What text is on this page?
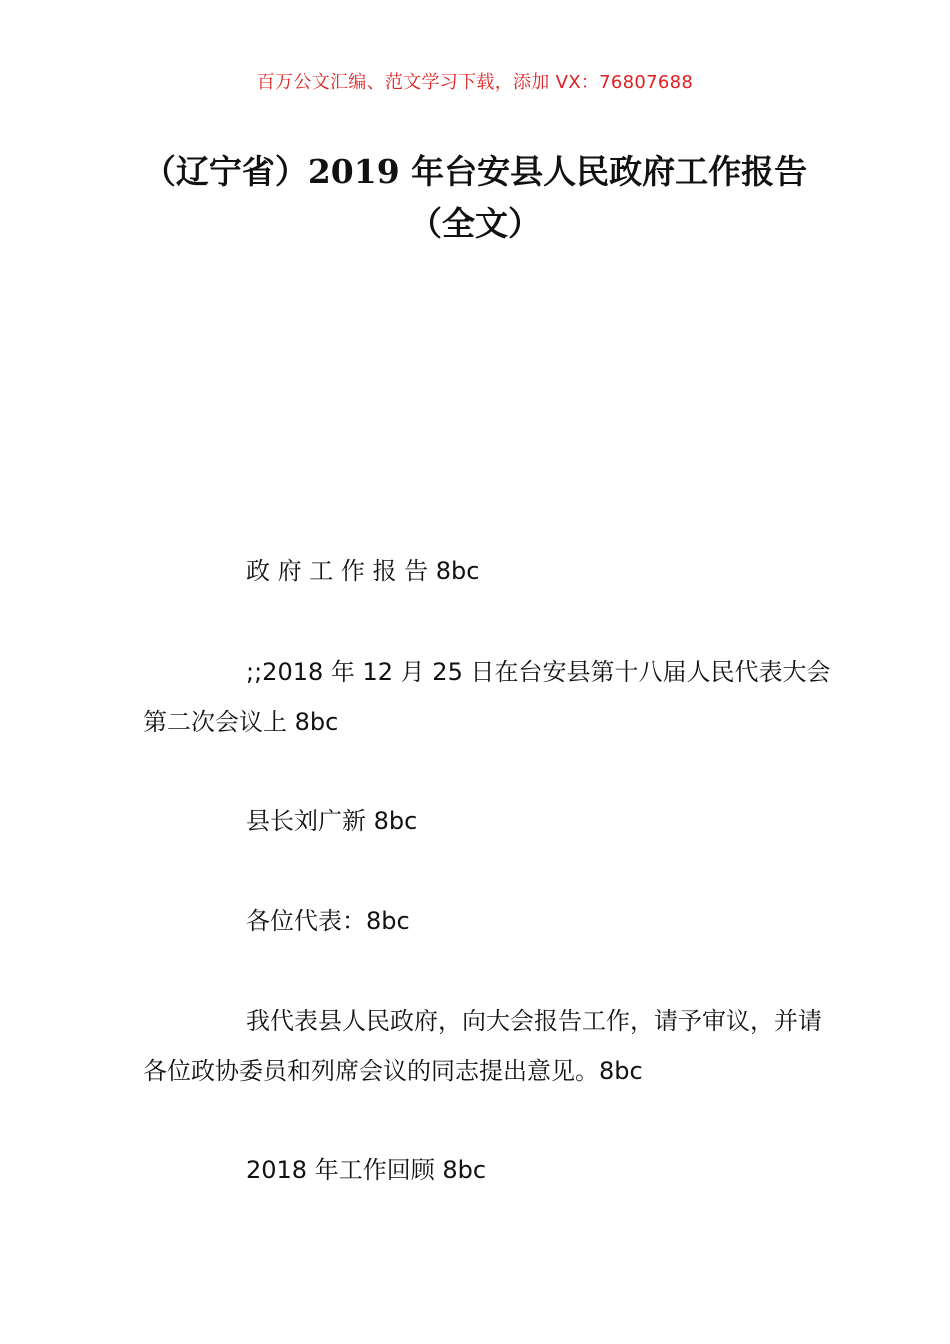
百万公文汇编、范文学习下载，添加 VX：76807688
（辽宁省）2019 年台安县人民政府工作报告（全文）

政 府 工 作 报 告 8bc

;;2018 年 12 月 25 日在台安县第十八届人民代表大会第二次会议上 8bc

县长刘广新 8bc

各位代表：8bc

我代表县人民政府，向大会报告工作，请予审议，并请各位政协委员和列席会议的同志提出意见。8bc

2018 年工作回顾 8bc
